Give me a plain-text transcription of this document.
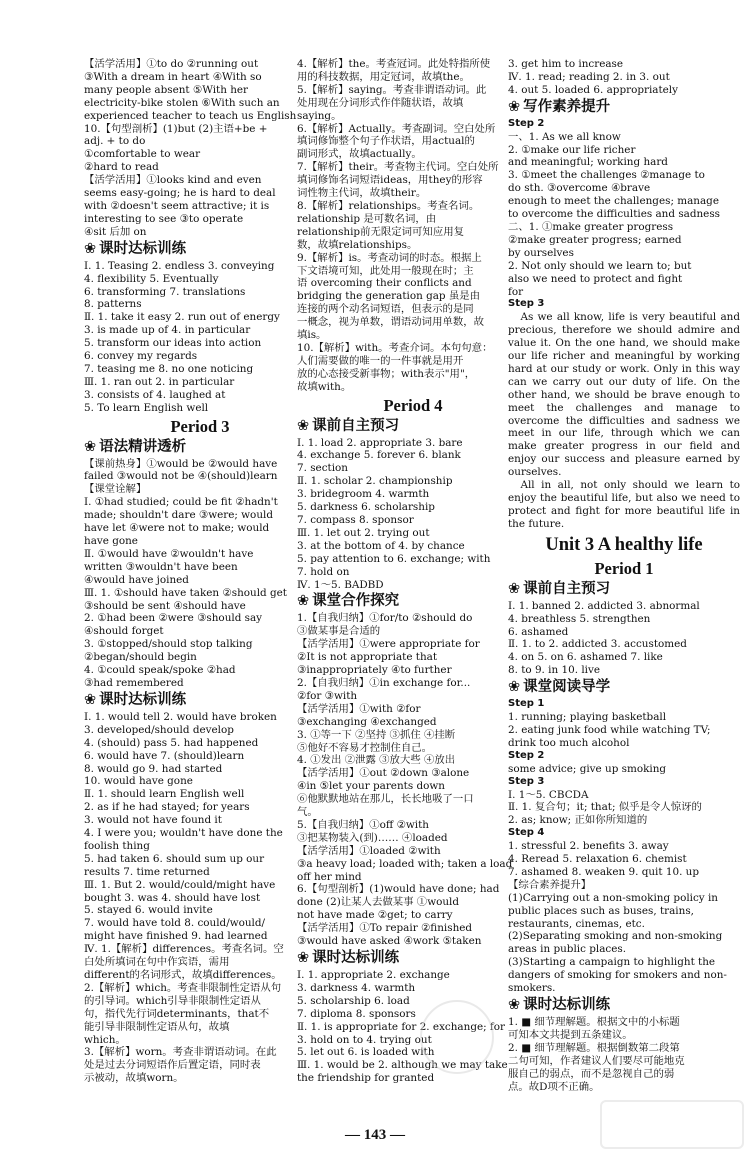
【活学活用】①to do ②running out
③With a dream in heart ④With so
many people absent ⑤With her
electricity-bike stolen ⑥With such an
experienced teacher to teach us English
10.【句型剖析】(1)but (2)主语+be +
adj. + to do
①comfortable to wear
②hard to read
【活学活用】①looks kind and even
seems easy-going; he is hard to deal
with ②doesn't seem attractive; it is
interesting to see ③to operate
④sit 后加 on
❀ 课时达标训练
Ⅰ. 1. Teasing 2. endless 3. conveying
4. flexibility 5. Eventually
6. transforming 7. translations
8. patterns
Ⅱ. 1. take it easy 2. run out of energy
3. is made up of 4. in particular
5. transform our ideas into action
6. convey my regards
7. teasing me 8. no one noticing
Ⅲ. 1. ran out 2. in particular
3. consists of 4. laughed at
5. To learn English well
Period 3
❀ 语法精讲透析
【课前热身】①would be ②would have
failed ③would not be ④(should)learn
【课堂诠解】
Ⅰ. ①had studied; could be fit ②hadn't
made; shouldn't dare ③were; would
have let ④were not to make; would
have gone
Ⅱ. ①would have ②wouldn't have
written ③wouldn't have been
④would have joined
Ⅲ. 1. ①should have taken ②should get
③should be sent ④should have
2. ①had been ②were ③should say
④should forget
3. ①stopped/should stop talking
②began/should begin
4. ①could speak/spoke ②had
③had remembered
❀ 课时达标训练
Ⅰ. 1. would tell 2. would have broken
3. developed/should develop
4. (should) pass 5. had happened
6. would have 7. (should)learn
8. would go 9. had started
10. would have gone
Ⅱ. 1. should learn English well
2. as if he had stayed; for years
3. would not have found it
4. I were you; wouldn't have done the
foolish thing
5. had taken 6. should sum up our
results 7. time returned
Ⅲ. 1. But 2. would/could/might have
bought 3. was 4. should have lost
5. stayed 6. would invite
7. would have told 8. could/would/
might have finished 9. had learned
Ⅳ. 1.【解析】differences。考查名词。空
白处所填词在句中作宾语，需用
different的名词形式，故填differences。
2.【解析】which。考查非限制性定语从句
的引导词。which引导非限制性定语从
句，指代先行词determinants，that不
能引导非限制性定语从句，故填
which。
3.【解析】worn。考查非谓语动词。在此
处是过去分词短语作后置定语，同时表
示被动，故填worn。
4.【解析】the。考查冠词。此处特指所使
用的科技数据，用定冠词，故填the。
5.【解析】saying。考查非谓语动词。此
处用现在分词形式作伴随状语，故填
saying。
6.【解析】Actually。考查副词。空白处所
填词修饰整个句子作状语，用actual的
副词形式，故填actually。
7.【解析】their。考查物主代词。空白处所
填词修饰名词短语ideas，用they的形容
词性物主代词，故填their。
8.【解析】relationships。考查名词。
relationship 是可数名词，由
relationship前无限定词可知应用复
数，故填relationships。
9.【解析】is。考查动词的时态。根据上
下文语境可知，此处用一般现在时；主
语 overcoming their conflicts and
bridging the generation gap 虽是由
连接的两个动名词短语，但表示的是同
一概念，视为单数，谓语动词用单数，故
填is。
10.【解析】with。考查介词。本句句意：
人们需要做的唯一的一件事就是用开
放的心态接受新事物；with表示"用"，
故填with。
Period 4
❀ 课前自主预习
Ⅰ. 1. load 2. appropriate 3. bare
4. exchange 5. forever 6. blank
7. section
Ⅱ. 1. scholar 2. championship
3. bridegroom 4. warmth
5. darkness 6. scholarship
7. compass 8. sponsor
Ⅲ. 1. let out 2. trying out
3. at the bottom of 4. by chance
5. pay attention to 6. exchange; with
7. hold on
Ⅳ. 1～5. BADBD
❀ 课堂合作探究
1.【自我归纳】①for/to ②should do
③做某事是合适的
【活学活用】①were appropriate for
②It is not appropriate that
③inappropriately ④to further
2.【自我归纳】①in exchange for...
②for ③with
【活学活用】①with ②for
③exchanging ④exchanged
3. ①等一下 ②坚持 ③抓住 ④挂断
⑤他好不容易才控制住自己。
4. ①发出 ②泄露 ③放大些 ④放出
【活学活用】①out ②down ③alone
④in ⑤let your parents down
⑥他默默地站在那儿，长长地吸了一口
气。
5.【自我归纳】①off ②with
③把某物装入(到)…… ④loaded
【活学活用】①loaded ②with
③a heavy load; loaded with; taken a load
off her mind
6.【句型剖析】(1)would have done; had
done (2)让某人去做某事 ①would
not have made ②get; to carry
【活学活用】①To repair ②finished
③would have asked ④work ⑤taken
❀ 课时达标训练
Ⅰ. 1. appropriate 2. exchange
3. darkness 4. warmth
5. scholarship 6. load
7. diploma 8. sponsors
Ⅱ. 1. is appropriate for 2. exchange; for
3. hold on to 4. trying out
5. let out 6. is loaded with
Ⅲ. 1. would be 2. although we may take
the friendship for granted
3. get him to increase
Ⅳ. 1. read; reading 2. in 3. out
4. out 5. loaded 6. appropriately
❀ 写作素养提升
Step 2
一、1. As we all know
2. ①make our life richer
and meaningful; working hard
3. ①meet the challenges ②manage to
do sth. ③overcome ④brave
enough to meet the challenges; manage
to overcome the difficulties and sadness
二、1. ①make greater progress
②make greater progress; earned
by ourselves
2. Not only should we learn to; but
also we need to protect and fight
for
Step 3
As we all know, life is very beautiful and precious, therefore we should admire and value it. On the one hand, we should make our life richer and meaningful by working hard at our study or work. Only in this way can we carry out our duty of life. On the other hand, we should be brave enough to meet the challenges and manage to overcome the difficulties and sadness we meet in our life, through which we can make greater progress in our field and enjoy our success and pleasure earned by ourselves.
All in all, not only should we learn to enjoy the beautiful life, but also we need to protect and fight for more beautiful life in the future.
Unit 3 A healthy life
Period 1
❀ 课前自主预习
Ⅰ. 1. banned 2. addicted 3. abnormal
4. breathless 5. strengthen
6. ashamed
Ⅱ. 1. to 2. addicted 3. accustomed
4. on 5. on 6. ashamed 7. like
8. to 9. in 10. live
❀ 课堂阅读导学
Step 1
1. running; playing basketball
2. eating junk food while watching TV;
drink too much alcohol
Step 2
some advice; give up smoking
Step 3
Ⅰ. 1～5. CBCDA
Ⅱ. 1. 复合句；it; that; 似乎是令人惊讶的
2. as; know; 正如你所知道的
Step 4
1. stressful 2. benefits 3. away
4. Reread 5. relaxation 6. chemist
7. ashamed 8. weaken 9. quit 10. up
【综合素养提升】
(1)Carrying out a non-smoking policy in
public places such as buses, trains,
restaurants, cinemas, etc.
(2)Separating smoking and non-smoking
areas in public places.
(3)Starting a campaign to highlight the
dangers of smoking for smokers and non-
smokers.
❀ 课时达标训练
1. ■ 细节理解题。根据文中的小标题
可知本文共提到五条建议。
2. ■ 细节理解题。根据倒数第二段第
二句可知，作者建议人们要尽可能地克
服自己的弱点，而不是忽视自己的弱
点。故D项不正确。
— 143 —
